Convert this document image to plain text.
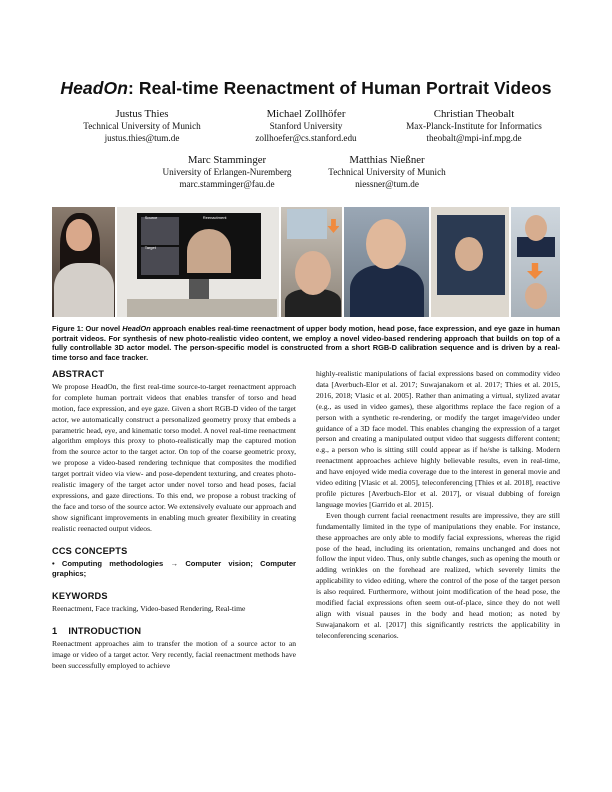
HeadOn: Real-time Reenactment of Human Portrait Videos
Justus Thies
Technical University of Munich
justus.thies@tum.de
Michael Zollhöfer
Stanford University
zollhoefer@cs.stanford.edu
Christian Theobalt
Max-Planck-Institute for Informatics
theobalt@mpi-inf.mpg.de
Marc Stamminger
University of Erlangen-Nuremberg
marc.stamminger@fau.de
Matthias Nießner
Technical University of Munich
niessner@tum.de
Source	Reenactment
Target
Figure 1: Our novel HeadOn approach enables real-time reenactment of upper body motion, head pose, face expression, and eye gaze in human portrait videos. For synthesis of new photo-realistic video content, we employ a novel video-based rendering approach that builds on top of a fully controllable 3D actor model. The person-specific model is constructed from a short RGB-D calibration sequence and is driven by a real-time torso and face tracker.
ABSTRACT
We propose HeadOn, the first real-time source-to-target reenactment approach for complete human portrait videos that enables transfer of torso and head motion, face expression, and eye gaze. Given a short RGB-D video of the target actor, we automatically construct a personalized geometry proxy that embeds a parametric head, eye, and kinematic torso model. A novel real-time reenactment algorithm employs this proxy to photo-realistically map the captured motion from the source actor to the target actor. On top of the coarse geometric proxy, we propose a video-based rendering technique that composites the modified target portrait video via view- and pose-dependent texturing, and creates photo-realistic imagery of the target actor under novel torso and head poses, facial expressions, and gaze directions. To this end, we propose a robust tracking of the face and torso of the source actor. We extensively evaluate our approach and show significant improvements in enabling much greater flexibility in creating realistic reenacted output videos.
CCS CONCEPTS
• Computing methodologies → Computer vision; Computer graphics;
KEYWORDS
Reenactment, Face tracking, Video-based Rendering, Real-time
1    INTRODUCTION
Reenactment approaches aim to transfer the motion of a source actor to an image or video of a target actor. Very recently, facial reenactment methods have been successfully employed to achieve
highly-realistic manipulations of facial expressions based on commodity video data [Averbuch-Elor et al. 2017; Suwajanakorn et al. 2017; Thies et al. 2015, 2016, 2018; Vlasic et al. 2005]. Rather than animating a virtual, stylized avatar (e.g., as used in video games), these algorithms replace the face region of a person with a synthetic re-rendering, or modify the target image/video under guidance of a 3D face model. This enables changing the expression of a target person and creating a manipulated output video that suggests different content; e.g., a person who is sitting still could appear as if he/she is talking. Modern reenactment approaches achieve highly believable results, even in real-time, and have enjoyed wide media coverage due to the interest in general movie and video editing [Vlasic et al. 2005], teleconferencing [Thies et al. 2018], reactive profile pictures [Averbuch-Elor et al. 2017], or visual dubbing of foreign language movies [Garrido et al. 2015].
Even though current facial reenactment results are impressive, they are still fundamentally limited in the type of manipulations they enable. For instance, these approaches are only able to modify facial expressions, whereas the rigid pose of the head, including its orientation, remains unchanged and does not follow the input video. Thus, only subtle changes, such as opening the mouth or adding wrinkles on the forehead are realized, which severely limits the applicability to video editing, where the control of the pose of the target person is also required. Furthermore, without joint modification of the head pose, the modified facial expressions often seem out-of-place, since they do not well align with visual pauses in the body and head motion; as noted by Suwajanakorn et al. [2017] this significantly restricts the applicability in teleconferencing scenarios.
